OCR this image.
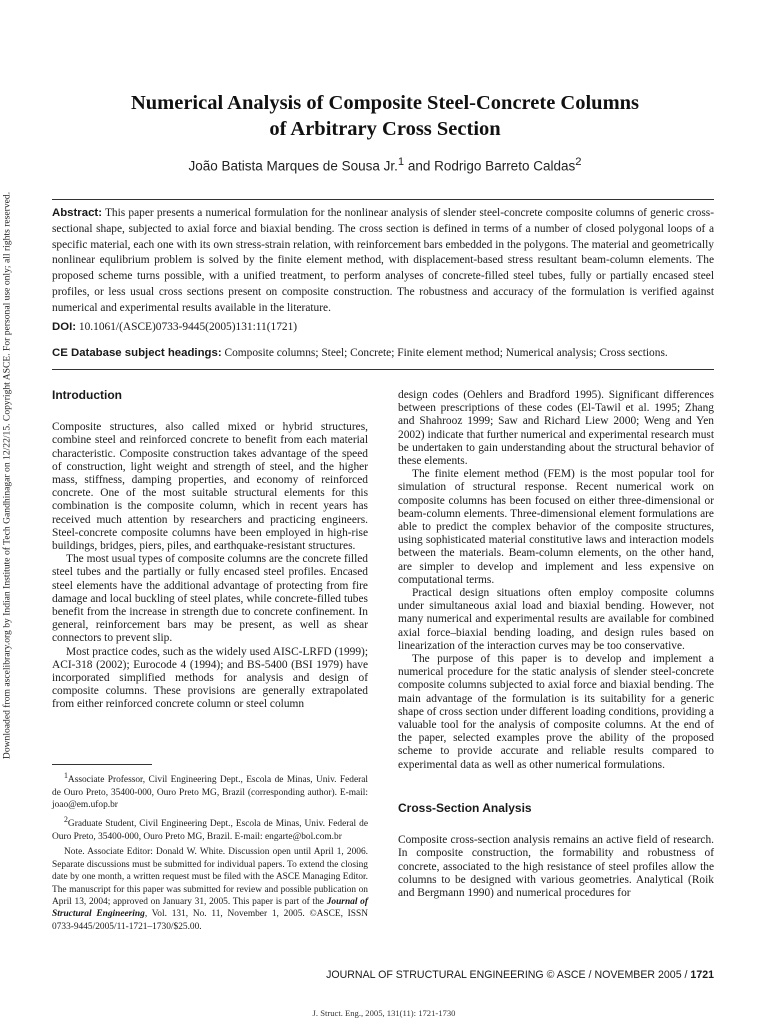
Downloaded from ascelibrary.org by Indian Institute of Tech Gandhinagar on 12/22/15. Copyright ASCE. For personal use only; all rights reserved.
Numerical Analysis of Composite Steel-Concrete Columns
of Arbitrary Cross Section
João Batista Marques de Sousa Jr.$^1$ and Rodrigo Barreto Caldas$^2$

Abstract: This paper presents a numerical formulation for the nonlinear analysis of slender steel-concrete composite columns of generic cross-sectional shape, subjected to axial force and biaxial bending. The cross section is defined in terms of a number of closed polygonal loops of a specific material, each one with its own stress-strain relation, with reinforcement bars embedded in the polygons. The material and geometrically nonlinear equlibrium problem is solved by the finite element method, with displacement-based stress resultant beam-column elements. The proposed scheme turns possible, with a unified treatment, to perform analyses of concrete-filled steel tubes, fully or partially encased steel profiles, or less usual cross sections present on composite construction. The robustness and accuracy of the formulation is verified against numerical and experimental results available in the literature.

DOI: 10.1061/(ASCE)0733-9445(2005)131:11(1721)
CE Database subject headings: Composite columns; Steel; Concrete; Finite element method; Numerical analysis; Cross sections.
Introduction

Composite structures, also called mixed or hybrid structures, combine steel and reinforced concrete to benefit from each material characteristic. Composite construction takes advantage of the speed of construction, light weight and strength of steel, and the higher mass, stiffness, damping properties, and economy of reinforced concrete. One of the most suitable structural elements for this combination is the composite column, which in recent years has received much attention by researchers and practicing engineers. Steel-concrete composite columns have been employed in high-rise buildings, bridges, piers, piles, and earthquake-resistant structures.

The most usual types of composite columns are the concrete filled steel tubes and the partially or fully encased steel profiles. Encased steel elements have the additional advantage of protecting from fire damage and local buckling of steel plates, while concrete-filled tubes benefit from the increase in strength due to concrete confinement. In general, reinforcement bars may be present, as well as shear connectors to prevent slip.

Most practice codes, such as the widely used AISC-LRFD (1999); ACI-318 (2002); Eurocode 4 (1994); and BS-5400 (BSI 1979) have incorporated simplified methods for analysis and design of composite columns. These provisions are generally extrapolated from either reinforced concrete column or steel column

$^1$Associate Professor, Civil Engineering Dept., Escola de Minas, Univ. Federal de Ouro Preto, 35400-000, Ouro Preto MG, Brazil (corresponding author). E-mail: joao@em.ufop.br

$^2$Graduate Student, Civil Engineering Dept., Escola de Minas, Univ. Federal de Ouro Preto, 35400-000, Ouro Preto MG, Brazil. E-mail: engarte@bol.com.br

Note. Associate Editor: Donald W. White. Discussion open until April 1, 2006. Separate discussions must be submitted for individual papers. To extend the closing date by one month, a written request must be filed with the ASCE Managing Editor. The manuscript for this paper was submitted for review and possible publication on April 13, 2004; approved on January 31, 2005. This paper is part of the Journal of Structural Engineering, Vol. 131, No. 11, November 1, 2005. ©ASCE, ISSN 0733-9445/2005/11-1721–1730/$25.00.

design codes (Oehlers and Bradford 1995). Significant differences between prescriptions of these codes (El-Tawil et al. 1995; Zhang and Shahrooz 1999; Saw and Richard Liew 2000; Weng and Yen 2002) indicate that further numerical and experimental research must be undertaken to gain understanding about the structural behavior of these elements.

The finite element method (FEM) is the most popular tool for simulation of structural response. Recent numerical work on composite columns has been focused on either three-dimensional or beam-column elements. Three-dimensional element formulations are able to predict the complex behavior of the composite structures, using sophisticated material constitutive laws and interaction models between the materials. Beam-column elements, on the other hand, are simpler to develop and implement and less expensive on computational terms.

Practical design situations often employ composite columns under simultaneous axial load and biaxial bending. However, not many numerical and experimental results are available for combined axial force–biaxial bending loading, and design rules based on linearization of the interaction curves may be too conservative.

The purpose of this paper is to develop and implement a numerical procedure for the static analysis of slender steel-concrete composite columns subjected to axial force and biaxial bending. The main advantage of the formulation is its suitability for a generic shape of cross section under different loading conditions, providing a valuable tool for the analysis of composite columns. At the end of the paper, selected examples prove the ability of the proposed scheme to provide accurate and reliable results compared to experimental data as well as other numerical formulations.

Cross-Section Analysis

Composite cross-section analysis remains an active field of research. In composite construction, the formability and robustness of concrete, associated to the high resistance of steel profiles allow the columns to be designed with various geometries. Analytical (Roik and Bergmann 1990) and numerical procedures for

JOURNAL OF STRUCTURAL ENGINEERING © ASCE / NOVEMBER 2005 / 1721
J. Struct. Eng., 2005, 131(11): 1721-1730
